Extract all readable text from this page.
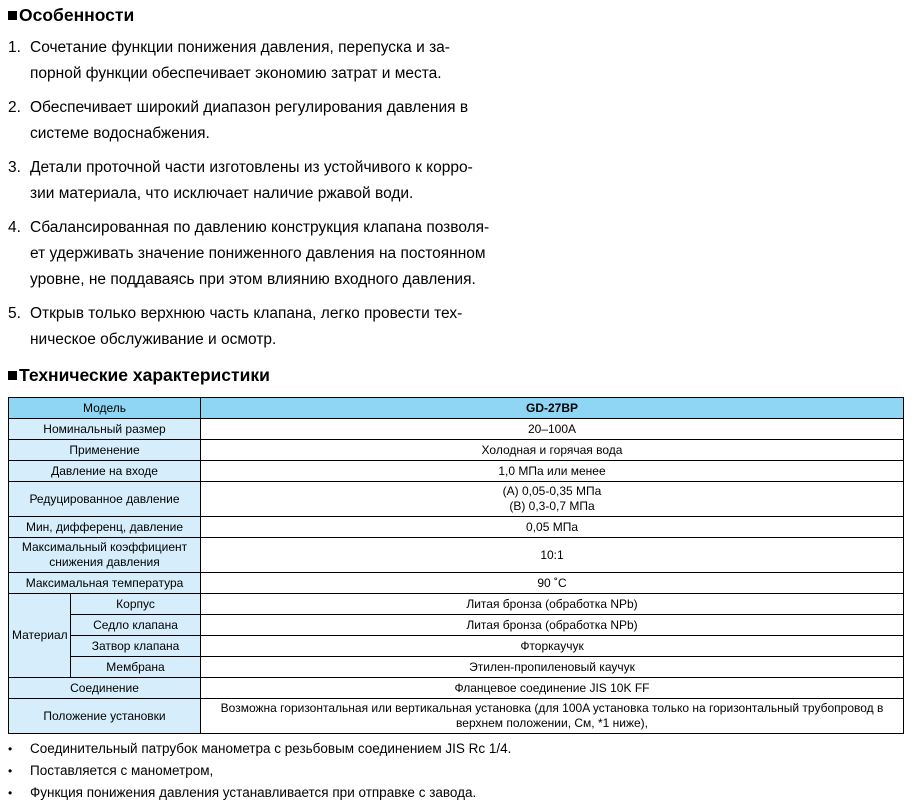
Особенности
1. Сочетание функции понижения давления, перепуска и за-
порной функции обеспечивает экономию затрат и места.
2. Обеспечивает широкий диапазон регулирования давления в
системе водоснабжения.
3. Детали проточной части изготовлены из устойчивого к корро-
зии материала, что исключает наличие ржавой води.
4. Сбалансированная по давлению конструкция клапана позволя-
ет удерживать значение пониженного давления на постоянном
уровне, не поддаваясь при этом влиянию входного давления.
5. Открыв только верхнюю часть клапана, легко провести тех-
ническое обслуживание и осмотр.
Технические характеристики
Модель		GD-27BP
Номинальный размер		20–100A
Применение		Холодная и горячая вода
Давление на входе		1,0 МПа или менее
Редуцированное давление		(A) 0,05-0,35 МПа
(B) 0,3-0,7 МПа

Мин, дифференц, давление		0,05 МПа
Максимальный коэффициент снижения давления		10:1
Максимальная температура		90 ˚C
Материал	Корпус	Литая бронза (обработка NPb)
	Седло клапана	Литая бронза (обработка NPb)
	Затвор клапана	Фторкаучук
	Мембрана	Этилен-пропиленовый каучук
Соединение		Фланцевое соединение JIS 10K FF
Положение установки		Возможна горизонтальная или вертикальная установка (для 100A установка только на горизонтальный трубопровод в верхнем положении, См, *1 ниже),
•	Соединительный патрубок манометра с резьбовым соединением JIS Rc 1/4.
•	Поставляется с манометром,
•	Функция понижения давления устанавливается при отправке с завода.
